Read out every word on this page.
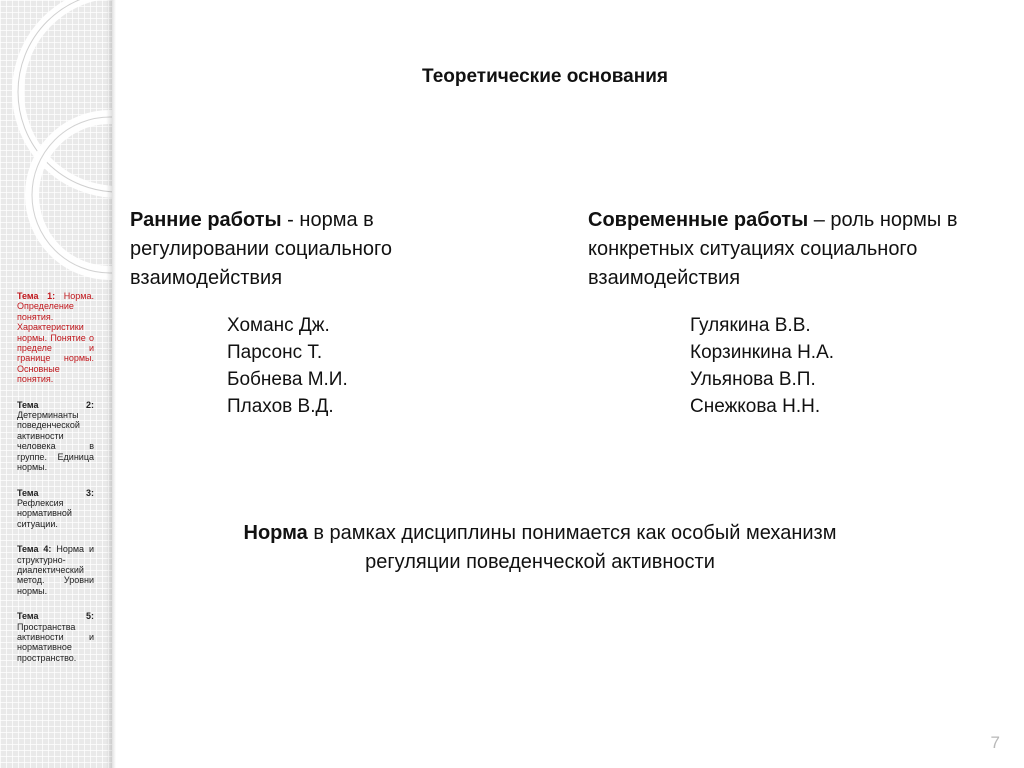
Тема 1: Норма. Определение понятия. Характеристики нормы. Понятие о пределе и границе нормы. Основные понятия.
Тема 2: Детерминанты поведенческой активности человека в группе. Единица нормы.
Тема 3: Рефлексия нормативной ситуации.
Тема 4: Норма и структурно-диалектический метод. Уровни нормы.
Тема 5: Пространства активности и нормативное пространство.
Теоретические основания
Ранние работы - норма в регулировании социального взаимодействия
Хоманс Дж.
Парсонс Т.
Бобнева М.И.
Плахов В.Д.
Современные работы – роль нормы в конкретных ситуациях социального взаимодействия
Гулякина В.В.
Корзинкина Н.А.
Ульянова В.П.
Снежкова Н.Н.
Норма в рамках дисциплины понимается как особый механизм регуляции поведенческой активности
7
